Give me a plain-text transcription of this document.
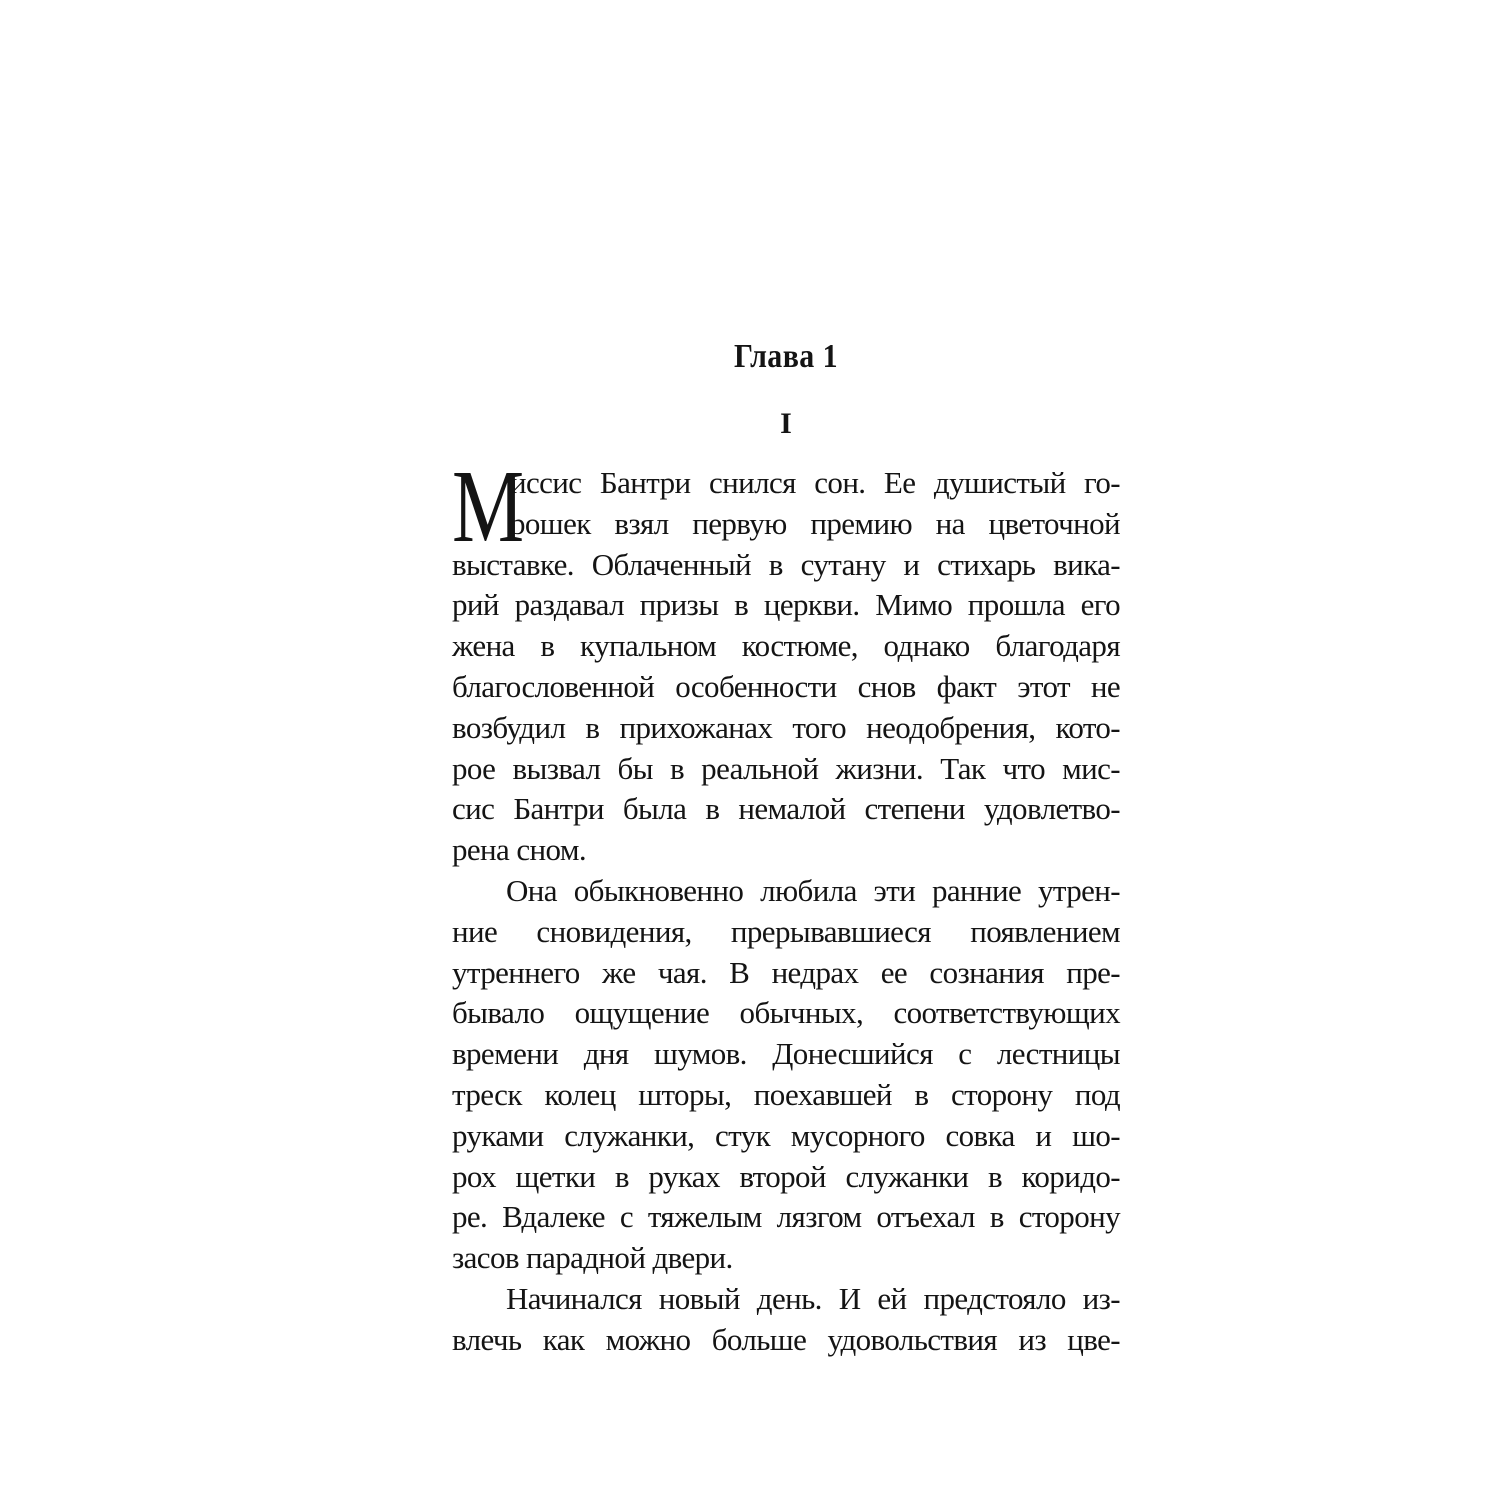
Глава 1
I
М
иссис Бантри снился сон. Ее душистый го-
рошек взял первую премию на цветочной
выставке. Облаченный в сутану и стихарь вика-
рий раздавал призы в церкви. Мимо прошла его
жена в купальном костюме, однако благодаря
благословенной особенности снов факт этот не
возбудил в прихожанах того неодобрения, кото-
рое вызвал бы в реальной жизни. Так что мис-
сис Бантри была в немалой степени удовлетво-
рена сном.
Она обыкновенно любила эти ранние утрен-
ние сновидения, прерывавшиеся появлением
утреннего же чая. В недрах ее сознания пре-
бывало ощущение обычных, соответствующих
времени дня шумов. Донесшийся с лестницы
треск колец шторы, поехавшей в сторону под
руками служанки, стук мусорного совка и шо-
рох щетки в руках второй служанки в коридо-
ре. Вдалеке с тяжелым лязгом отъехал в сторону
засов парадной двери.
Начинался новый день. И ей предстояло из-
влечь как можно больше удовольствия из цве-
